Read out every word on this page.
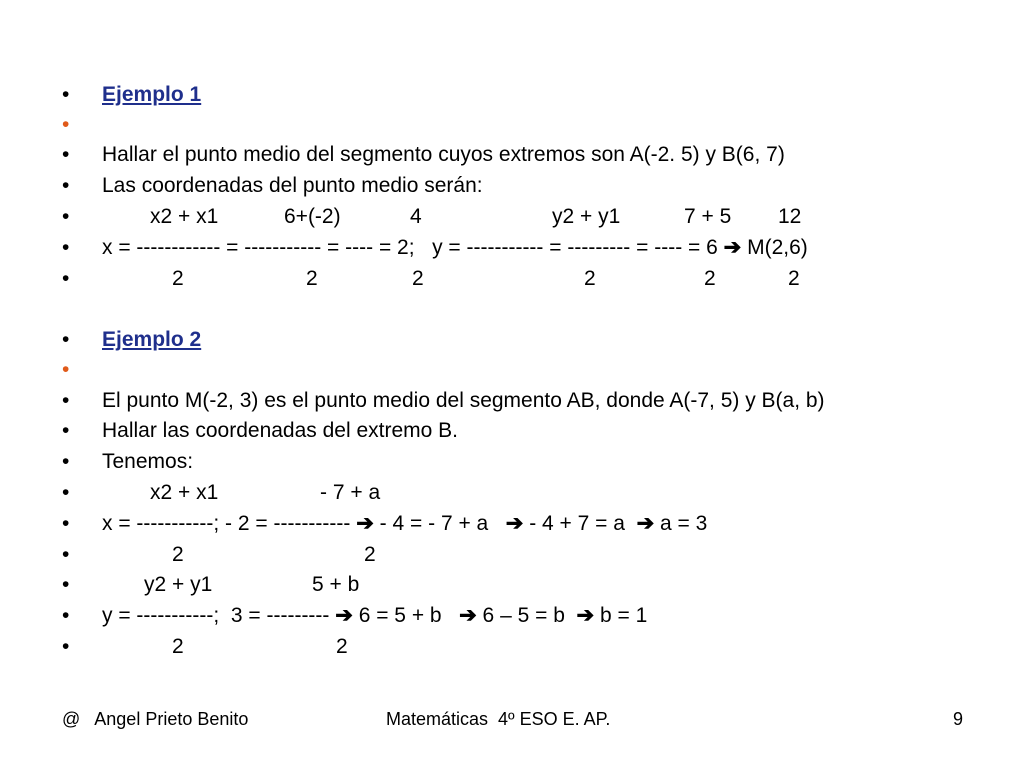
•

	Ejemplo 1

•

•

	Hallar el punto medio del segmento cuyos extremos son A(-2. 5) y B(6, 7)

•

	Las coordenadas del punto medio serán:

•

	x2 + x1

	6+(-2)

	4

	y2 + y1

	7 + 5

12

•

	x = ------------ = ----------- = ---- = 2;   y = ----------- = --------- = ---- = 6 ➔ M(2,6)

•

	2

	2

	2

	2

	2

	2

•

	Ejemplo 2

•

•

	El punto M(-2, 3) es el punto medio del segmento AB, donde A(-7, 5) y B(a, b)

•

	Hallar las coordenadas del extremo B.

•

	Tenemos:

•

	x2 + x1

	- 7 + a

•

	x = -----------; - 2 = ----------- ➔ - 4 = - 7 + a   ➔ - 4 + 7 = a  ➔ a = 3

•

	2

	2

•

	y2 + y1

	5 + b

•

	y = -----------;  3 = --------- ➔ 6 = 5 + b   ➔ 6 – 5 = b  ➔ b = 1

•

	2

	2

@   Angel Prieto Benito	Matemáticas  4º ESO E. AP.	9
